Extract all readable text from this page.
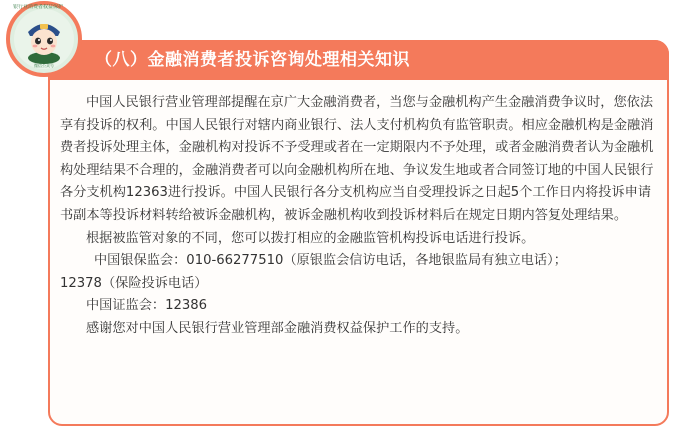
（八）金融消费者投诉咨询处理相关知识
银行业消费者权益保护
微信公众号

中国人民银行营业管理部提醒在京广大金融消费者，当您与金融机构产生金融消费争议时，您依法享有投诉的权利。中国人民银行对辖内商业银行、法人支付机构负有监管职责。相应金融机构是金融消费者投诉处理主体，金融机构对投诉不予受理或者在一定期限内不予处理，或者金融消费者认为金融机构处理结果不合理的，金融消费者可以向金融机构所在地、争议发生地或者合同签订地的中国人民银行各分支机构12363进行投诉。中国人民银行各分支机构应当自受理投诉之日起5个工作日内将投诉申请书副本等投诉材料转给被诉金融机构，被诉金融机构收到投诉材料后在规定日期内答复处理结果。

根据被监管对象的不同，您可以拨打相应的金融监管机构投诉电话进行投诉。

中国银保监会：010-66277510（原银监会信访电话，各地银监局有独立电话）；

12378（保险投诉电话）

中国证监会：12386

感谢您对中国人民银行营业管理部金融消费权益保护工作的支持。
